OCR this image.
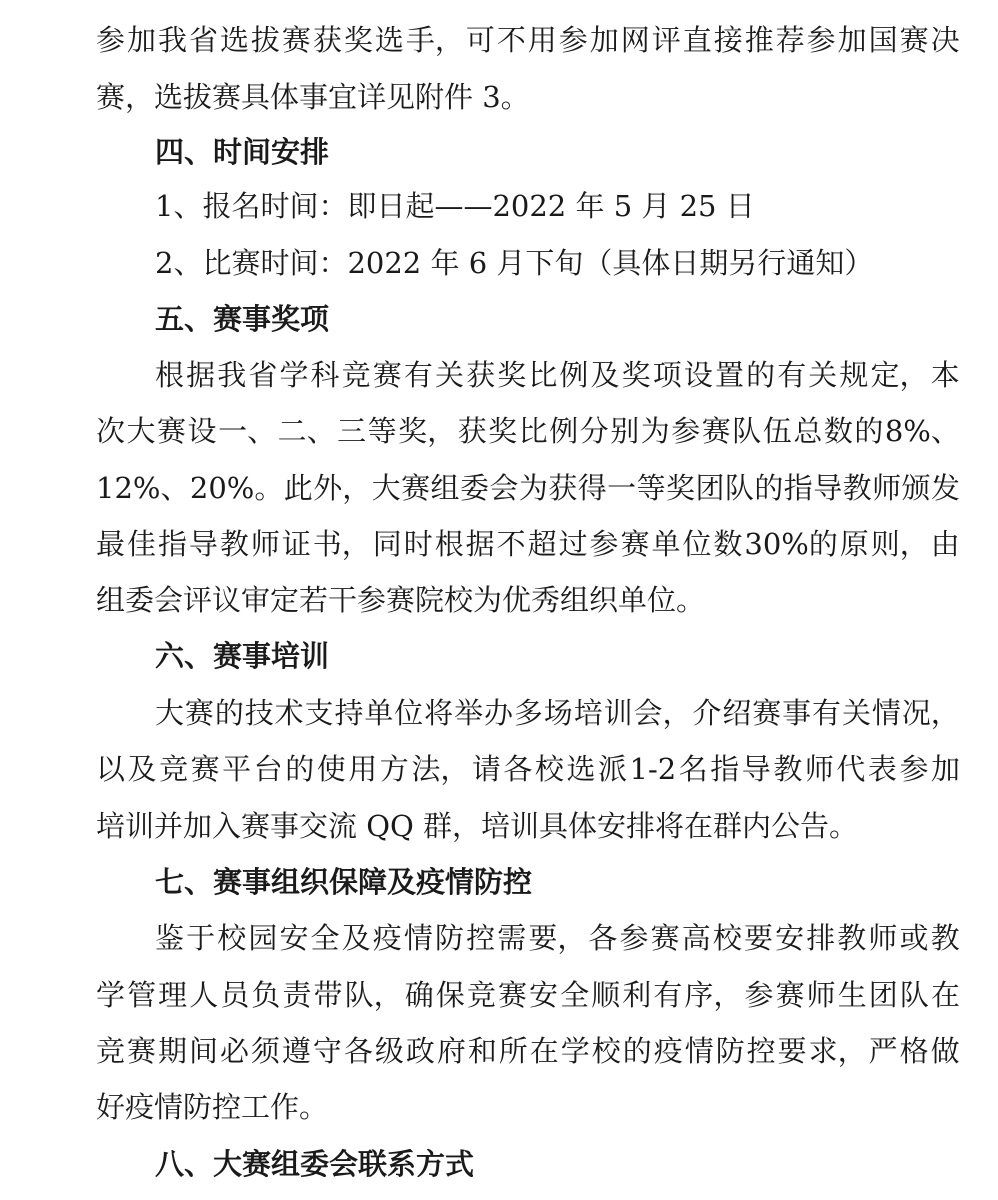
参 加 我 省 选 拔 赛 获 奖 选 手， 可 不 用 参 加 网 评 直 接 推 荐 参 加 国 赛 决
赛，选拔赛具体事宜详见附件 3。
四、时间安排
1、报名时间：即日起——2022 年 5 月 25 日
2、比赛时间：2022 年 6 月下旬（具体日期另行通知）
五、赛事奖项
根 据 我 省 学 科 竞 赛 有 关 获 奖 比 例 及 奖 项 设 置 的 有 关 规 定， 本
次 大 赛 设 一、 二、 三 等 奖， 获 奖 比 例 分 别 为 参 赛 队 伍 总 数 的 8%、
12%、 20%。 此 外， 大 赛 组 委 会 为 获 得 一 等 奖 团 队 的 指 导 教 师 颁 发
最 佳 指 导 教 师 证 书， 同 时 根 据 不 超 过 参 赛 单 位 数 30%的 原 则， 由
组委会评议审定若干参赛院校为优秀组织单位。
六、赛事培训
大 赛 的 技 术 支 持 单 位 将 举 办 多 场 培 训 会， 介 绍 赛 事 有 关 情 况，
以 及 竞 赛 平 台 的 使 用 方 法， 请 各 校 选 派 1-2 名 指 导 教 师 代 表 参 加
培训并加入赛事交流 QQ 群，培训具体安排将在群内公告。
七、赛事组织保障及疫情防控
鉴 于 校 园 安 全 及 疫 情 防 控 需 要， 各 参 赛 高 校 要 安 排 教 师 或 教
学 管 理 人 员 负 责 带 队， 确 保 竞 赛 安 全 顺 利 有 序， 参 赛 师 生 团 队 在
竞 赛 期 间 必 须 遵 守 各 级 政 府 和 所 在 学 校 的 疫 情 防 控 要 求， 严 格 做
好疫情防控工作。
八、大赛组委会联系方式
